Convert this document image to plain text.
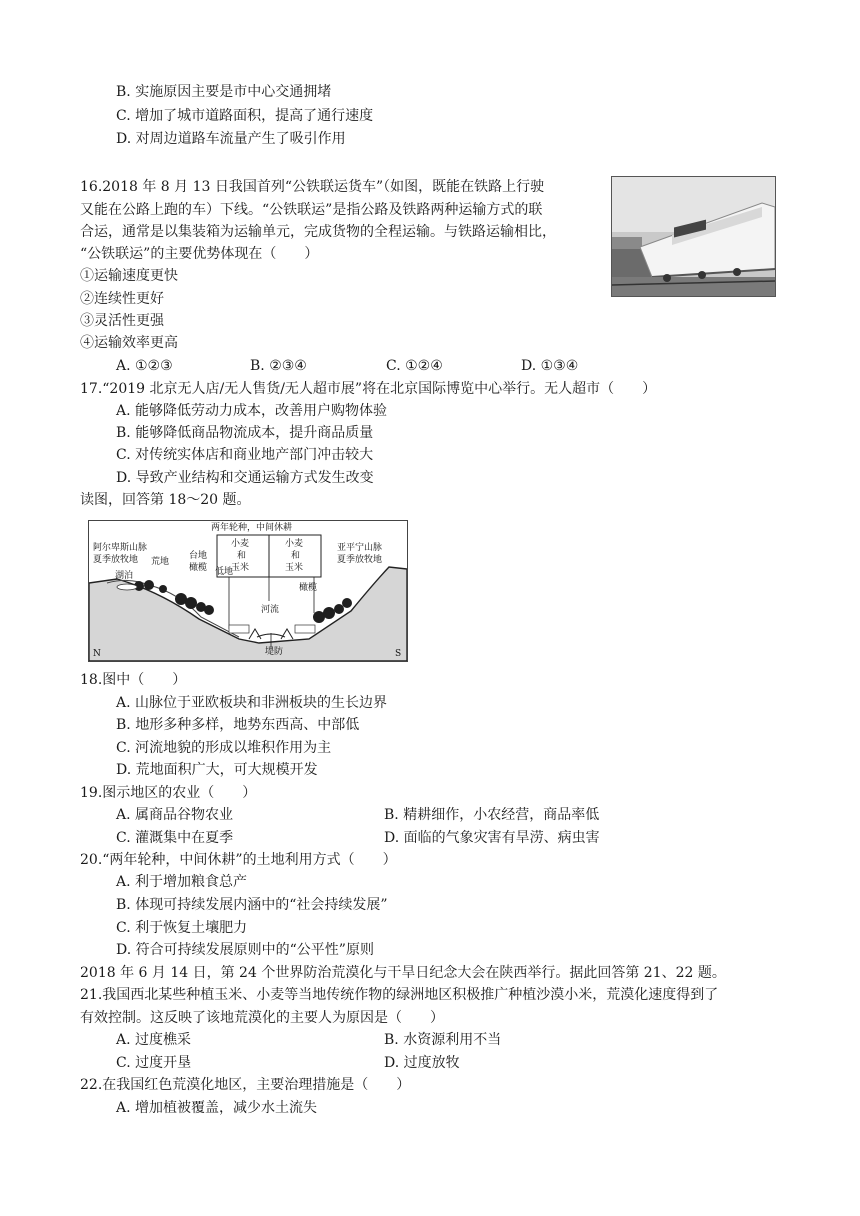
B. 实施原因主要是市中心交通拥堵
C. 增加了城市道路面积，提高了通行速度
D. 对周边道路车流量产生了吸引作用
16.2018 年 8 月 13 日我国首列“公铁联运货车”（如图，既能在铁路上行驶
又能在公路上跑的车）下线。“公铁联运”是指公路及铁路两种运输方式的联
合运，通常是以集装箱为运输单元，完成货物的全程运输。与铁路运输相比，
“公铁联运”的主要优势体现在（　　）
①运输速度更快
②连续性更好
③灵活性更强
④运输效率更高
A. ①②③	B. ②③④	C. ①②④	D. ①③④
17.“2019 北京无人店/无人售货/无人超市展”将在北京国际博览中心举行。无人超市（　　）
A. 能够降低劳动力成本，改善用户购物体验
B. 能够降低商品物流成本，提升商品质量
C. 对传统实体店和商业地产部门冲击较大
D. 导致产业结构和交通运输方式发生改变
读图，回答第 18～20 题。
两年轮种，中间休耕
小麦
和
玉米
小麦
和
玉米
阿尔卑斯山脉
夏季放牧地
亚平宁山脉
夏季放牧地
湖泊
荒地
台地
橄榄 低地
河流
橄榄
堤防
N	S
18.图中（　　）
A. 山脉位于亚欧板块和非洲板块的生长边界
B. 地形多种多样，地势东西高、中部低
C. 河流地貌的形成以堆积作用为主
D. 荒地面积广大，可大规模开发
19.图示地区的农业（　　）
A. 属商品谷物农业	B. 精耕细作，小农经营，商品率低
C. 灌溉集中在夏季	D. 面临的气象灾害有旱涝、病虫害
20.“两年轮种，中间休耕”的土地利用方式（　　）
A. 利于增加粮食总产
B. 体现可持续发展内涵中的“社会持续发展”
C. 利于恢复土壤肥力
D. 符合可持续发展原则中的“公平性”原则
2018 年 6 月 14 日，第 24 个世界防治荒漠化与干旱日纪念大会在陕西举行。据此回答第 21、22 题。
21.我国西北某些种植玉米、小麦等当地传统作物的绿洲地区积极推广种植沙漠小米，荒漠化速度得到了
有效控制。这反映了该地荒漠化的主要人为原因是（　　）
A. 过度樵采	B. 水资源利用不当
C. 过度开垦	D. 过度放牧
22.在我国红色荒漠化地区，主要治理措施是（　　）
A. 增加植被覆盖，减少水土流失
